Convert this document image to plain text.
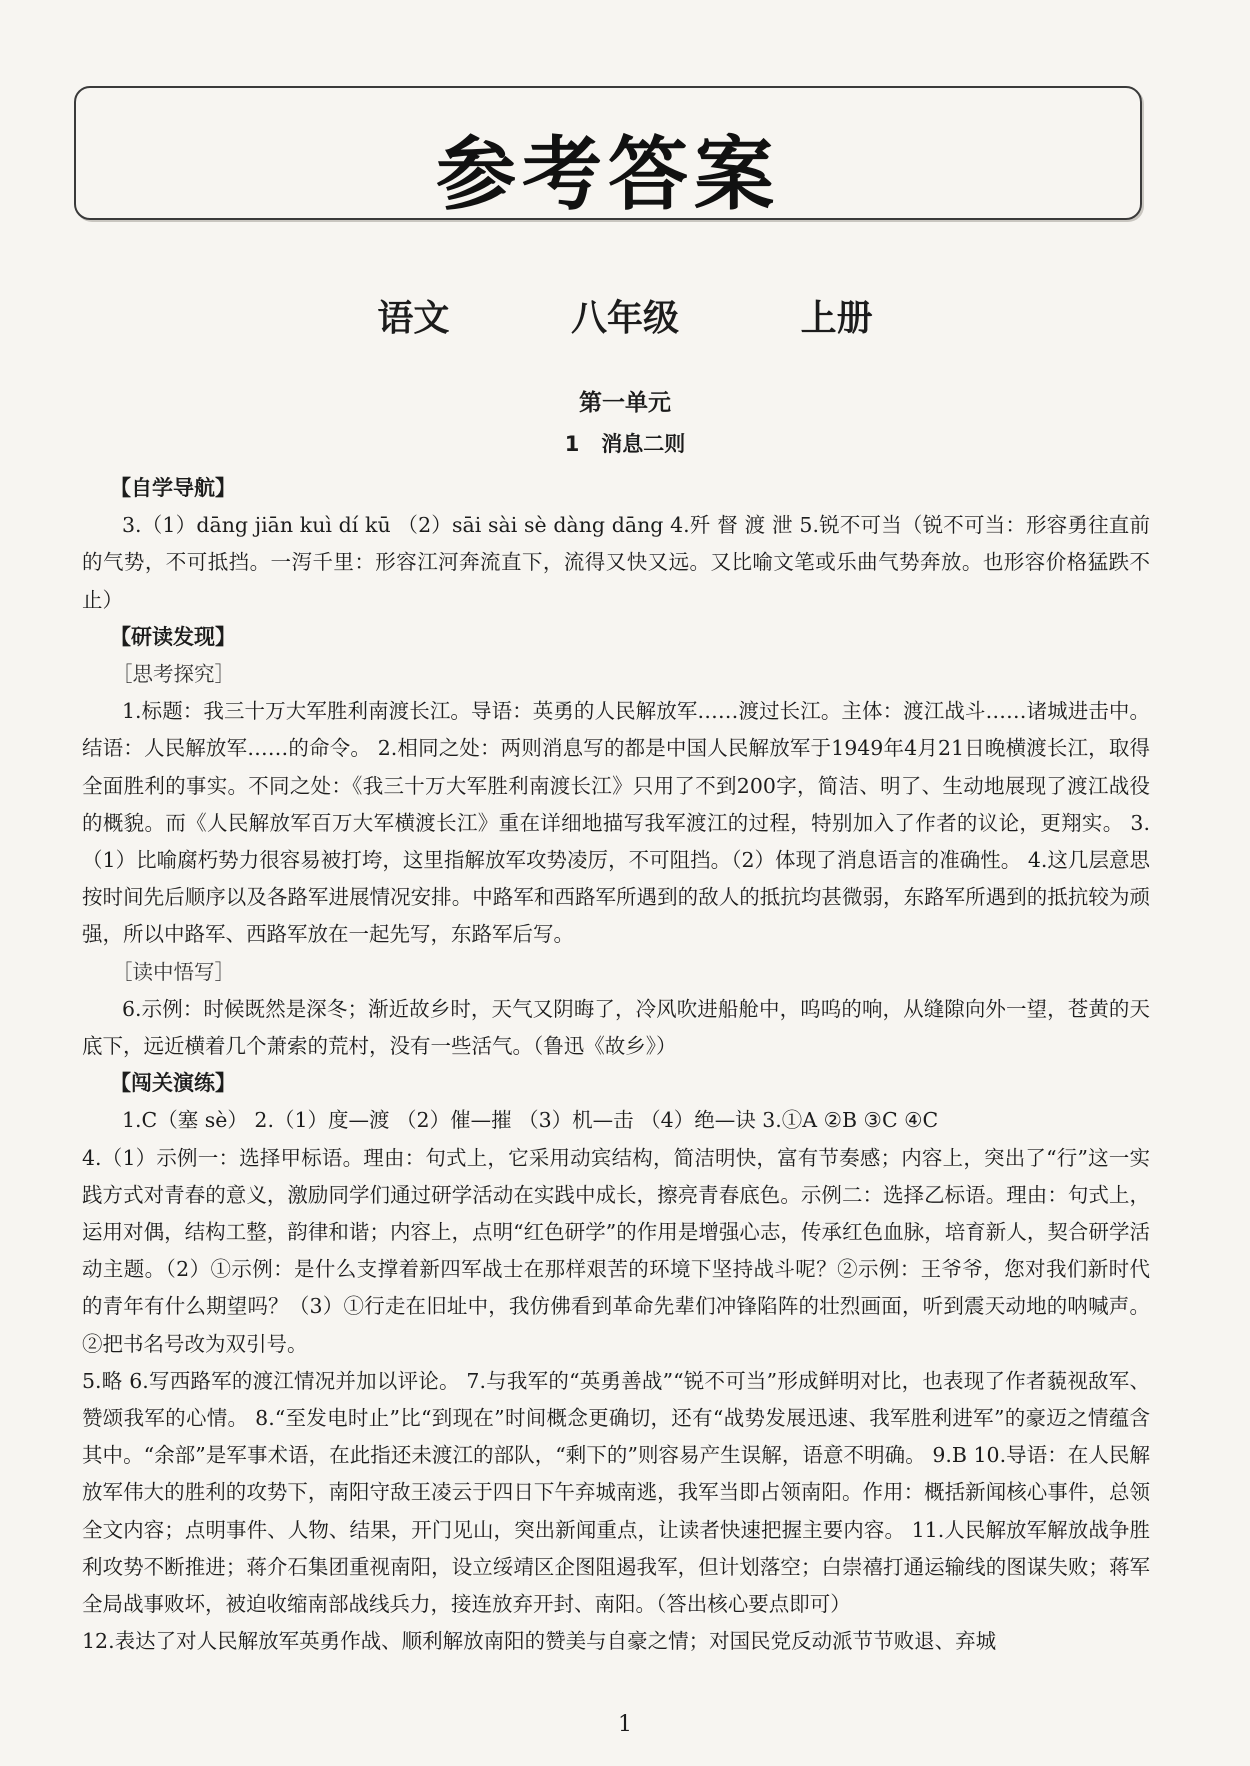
参考答案
语文   八年级   上册
第一单元
1   消息二则

【自学导航】

3.（1）dāng jiān kuì dí kū （2）sāi sài sè dàng dāng 4.歼 督 渡 泄 5.锐不可当（锐不可当：形容勇往直前的气势，不可抵挡。一泻千里：形容江河奔流直下，流得又快又远。又比喻文笔或乐曲气势奔放。也形容价格猛跌不止）

【研读发现】

［思考探究］

1.标题：我三十万大军胜利南渡长江。导语：英勇的人民解放军……渡过长江。主体：渡江战斗……诸城进击中。结语：人民解放军……的命令。 2.相同之处：两则消息写的都是中国人民解放军于1949年4月21日晚横渡长江，取得全面胜利的事实。不同之处：《我三十万大军胜利南渡长江》只用了不到200字，简洁、明了、生动地展现了渡江战役的概貌。而《人民解放军百万大军横渡长江》重在详细地描写我军渡江的过程，特别加入了作者的议论，更翔实。 3.（1）比喻腐朽势力很容易被打垮，这里指解放军攻势凌厉，不可阻挡。（2）体现了消息语言的准确性。 4.这几层意思按时间先后顺序以及各路军进展情况安排。中路军和西路军所遇到的敌人的抵抗均甚微弱，东路军所遇到的抵抗较为顽强，所以中路军、西路军放在一起先写，东路军后写。

［读中悟写］

6.示例：时候既然是深冬；渐近故乡时，天气又阴晦了，冷风吹进船舱中，呜呜的响，从缝隙向外一望，苍黄的天底下，远近横着几个萧索的荒村，没有一些活气。（鲁迅《故乡》）

【闯关演练】

1.C（塞 sè） 2.（1）度—渡 （2）催—摧 （3）机—击 （4）绝—诀 3.①A ②B ③C ④C

4.（1）示例一：选择甲标语。理由：句式上，它采用动宾结构，简洁明快，富有节奏感；内容上，突出了“行”这一实践方式对青春的意义，激励同学们通过研学活动在实践中成长，擦亮青春底色。示例二：选择乙标语。理由：句式上，运用对偶，结构工整，韵律和谐；内容上，点明“红色研学”的作用是增强心志，传承红色血脉，培育新人，契合研学活动主题。（2）①示例：是什么支撑着新四军战士在那样艰苦的环境下坚持战斗呢？②示例：王爷爷，您对我们新时代的青年有什么期望吗？（3）①行走在旧址中，我仿佛看到革命先辈们冲锋陷阵的壮烈画面，听到震天动地的呐喊声。②把书名号改为双引号。

5.略 6.写西路军的渡江情况并加以评论。 7.与我军的“英勇善战”“锐不可当”形成鲜明对比，也表现了作者藐视敌军、赞颂我军的心情。 8.“至发电时止”比“到现在”时间概念更确切，还有“战势发展迅速、我军胜利进军”的豪迈之情蕴含其中。“余部”是军事术语，在此指还未渡江的部队，“剩下的”则容易产生误解，语意不明确。 9.B 10.导语：在人民解放军伟大的胜利的攻势下，南阳守敌王凌云于四日下午弃城南逃，我军当即占领南阳。作用：概括新闻核心事件，总领全文内容；点明事件、人物、结果，开门见山，突出新闻重点，让读者快速把握主要内容。 11.人民解放军解放战争胜利攻势不断推进；蒋介石集团重视南阳，设立绥靖区企图阻遏我军，但计划落空；白崇禧打通运输线的图谋失败；蒋军全局战事败坏，被迫收缩南部战线兵力，接连放弃开封、南阳。（答出核心要点即可）

12.表达了对人民解放军英勇作战、顺利解放南阳的赞美与自豪之情；对国民党反动派节节败退、弃城

1
